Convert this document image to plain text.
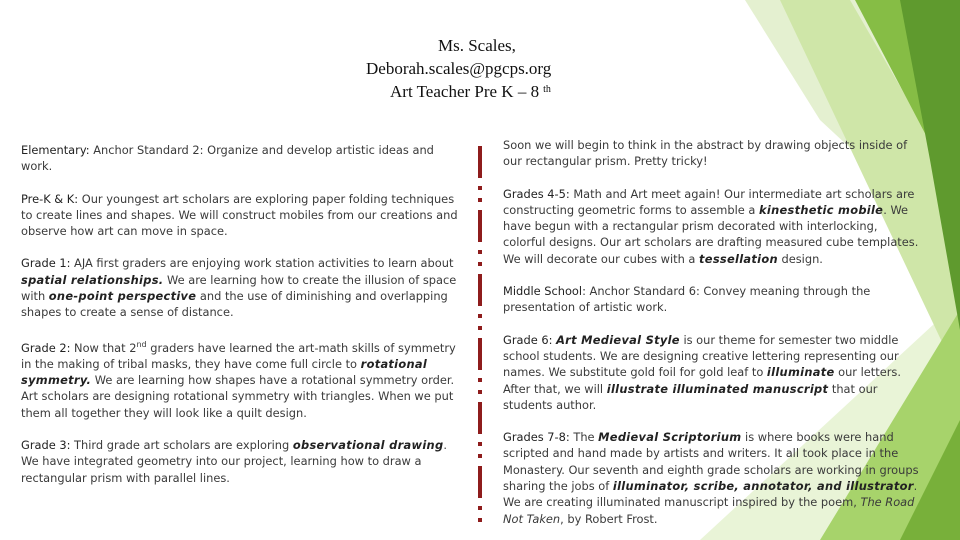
Ms. Scales,
Deborah.scales@pgcps.org
Art Teacher Pre K – 8 $^{th}$

Elementary: Anchor Standard 2: Organize and develop artistic ideas and work.

Pre-K & K: Our youngest art scholars are exploring paper folding techniques to create lines and shapes. We will construct mobiles from our creations and observe how art can move in space.

Grade 1: AJA first graders are enjoying work station activities to learn about spatial relationships. We are learning how to create the illusion of space with one-point perspective and the use of diminishing and overlapping shapes to create a sense of distance.

Grade 2: Now that 2nd graders have learned the art-math skills of symmetry in the making of tribal masks, they have come full circle to rotational symmetry. We are learning how shapes have a rotational symmetry order. Art scholars are designing rotational symmetry with triangles. When we put them all together they will look like a quilt design.

Grade 3: Third grade art scholars are exploring observational drawing. We have integrated geometry into our project, learning how to draw a rectangular prism with parallel lines.

Soon we will begin to think in the abstract by drawing objects inside of our rectangular prism. Pretty tricky!

Grades 4-5: Math and Art meet again! Our intermediate art scholars are constructing geometric forms to assemble a kinesthetic mobile. We have begun with a rectangular prism decorated with interlocking, colorful designs. Our art scholars are drafting measured cube templates. We will decorate our cubes with a tessellation design.

Middle School: Anchor Standard 6: Convey meaning through the presentation of artistic work.

Grade 6: Art Medieval Style is our theme for semester two middle school students. We are designing creative lettering representing our names. We substitute gold foil for gold leaf to illuminate our letters. After that, we will illustrate illuminated manuscript that our students author.

Grades 7-8: The Medieval Scriptorium is where books were hand scripted and hand made by artists and writers. It all took place in the Monastery. Our seventh and eighth grade scholars are working in groups sharing the jobs of illuminator, scribe, annotator, and illustrator. We are creating illuminated manuscript inspired by the poem, The Road Not Taken, by Robert Frost.
